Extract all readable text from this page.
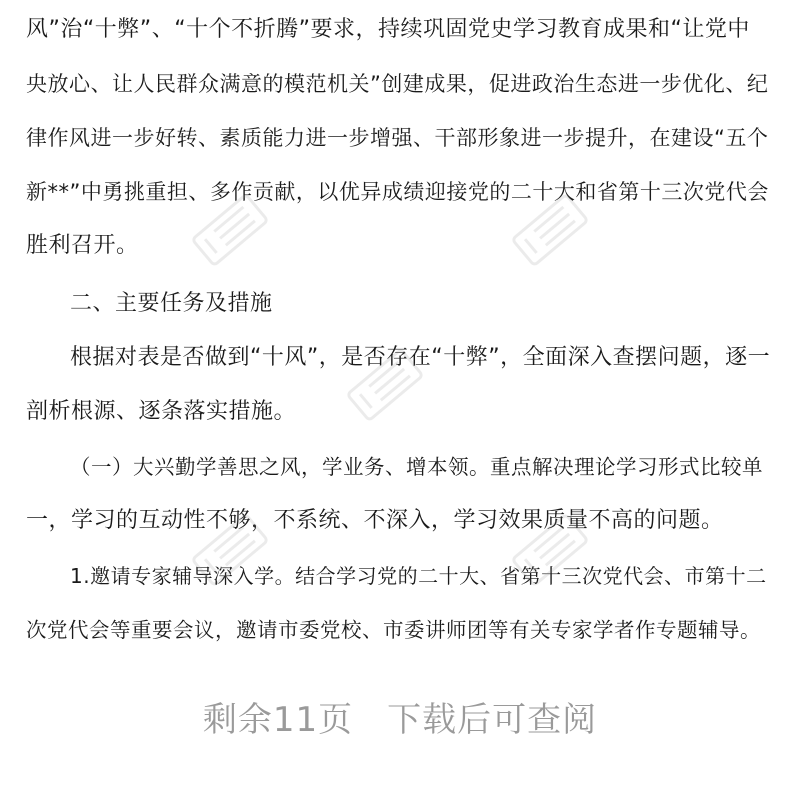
风”治“十弊”、“十个不折腾”要求，持续巩固党史学习教育成果和“让党中
央放心、让人民群众满意的模范机关”创建成果，促进政治生态进一步优化、纪
律作风进一步好转、素质能力进一步增强、干部形象进一步提升，在建设“五个
新**”中勇挑重担、多作贡献，以优异成绩迎接党的二十大和省第十三次党代会
胜利召开。
二、主要任务及措施
根据对表是否做到“十风”，是否存在“十弊”，全面深入查摆问题，逐一
剖析根源、逐条落实措施。
（一）大兴勤学善思之风，学业务、增本领。重点解决理论学习形式比较单
一，学习的互动性不够，不系统、不深入，学习效果质量不高的问题。
1.邀请专家辅导深入学。结合学习党的二十大、省第十三次党代会、市第十二
次党代会等重要会议，邀请市委党校、市委讲师团等有关专家学者作专题辅导。
剩余11页 下载后可查阅
